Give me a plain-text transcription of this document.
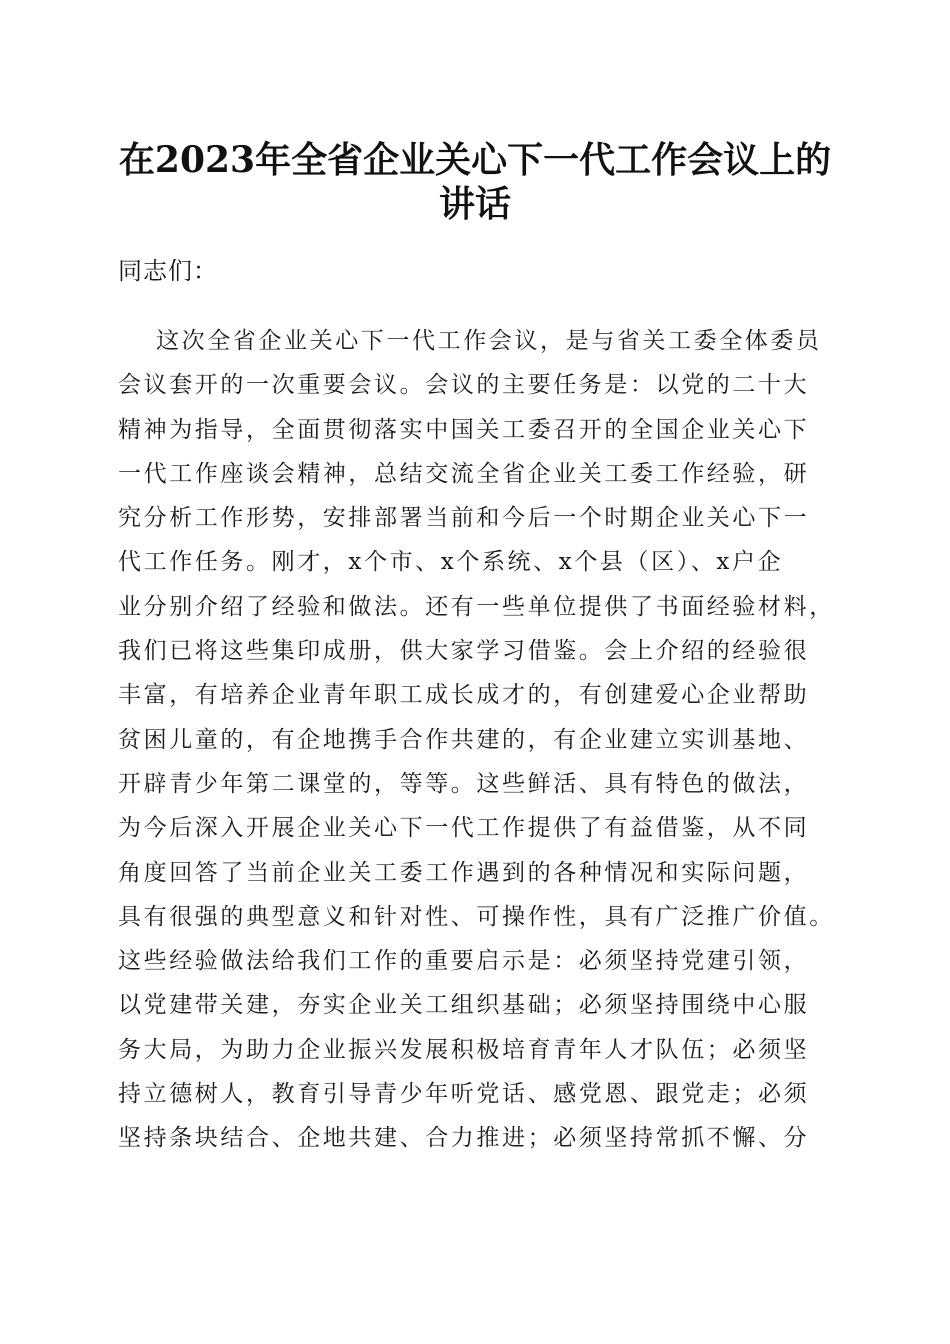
在2023年全省企业关心下一代工作会议上的
讲话
同志们：
这次全省企业关心下一代工作会议，是与省关工委全体委员
会议套开的一次重要会议。会议的主要任务是：以党的二十大
精神为指导，全面贯彻落实中国关工委召开的全国企业关心下
一代工作座谈会精神，总结交流全省企业关工委工作经验，研
究分析工作形势，安排部署当前和今后一个时期企业关心下一
代工作任务。刚才，x个市、x个系统、x个县（区）、x户企
业分别介绍了经验和做法。还有一些单位提供了书面经验材料，
我们已将这些集印成册，供大家学习借鉴。会上介绍的经验很
丰富，有培养企业青年职工成长成才的，有创建爱心企业帮助
贫困儿童的，有企地携手合作共建的，有企业建立实训基地、
开辟青少年第二课堂的，等等。这些鲜活、具有特色的做法，
为今后深入开展企业关心下一代工作提供了有益借鉴，从不同
角度回答了当前企业关工委工作遇到的各种情况和实际问题，
具有很强的典型意义和针对性、可操作性，具有广泛推广价值。
这些经验做法给我们工作的重要启示是：必须坚持党建引领，
以党建带关建，夯实企业关工组织基础；必须坚持围绕中心服
务大局，为助力企业振兴发展积极培育青年人才队伍；必须坚
持立德树人，教育引导青少年听党话、感党恩、跟党走；必须
坚持条块结合、企地共建、合力推进；必须坚持常抓不懈、分
